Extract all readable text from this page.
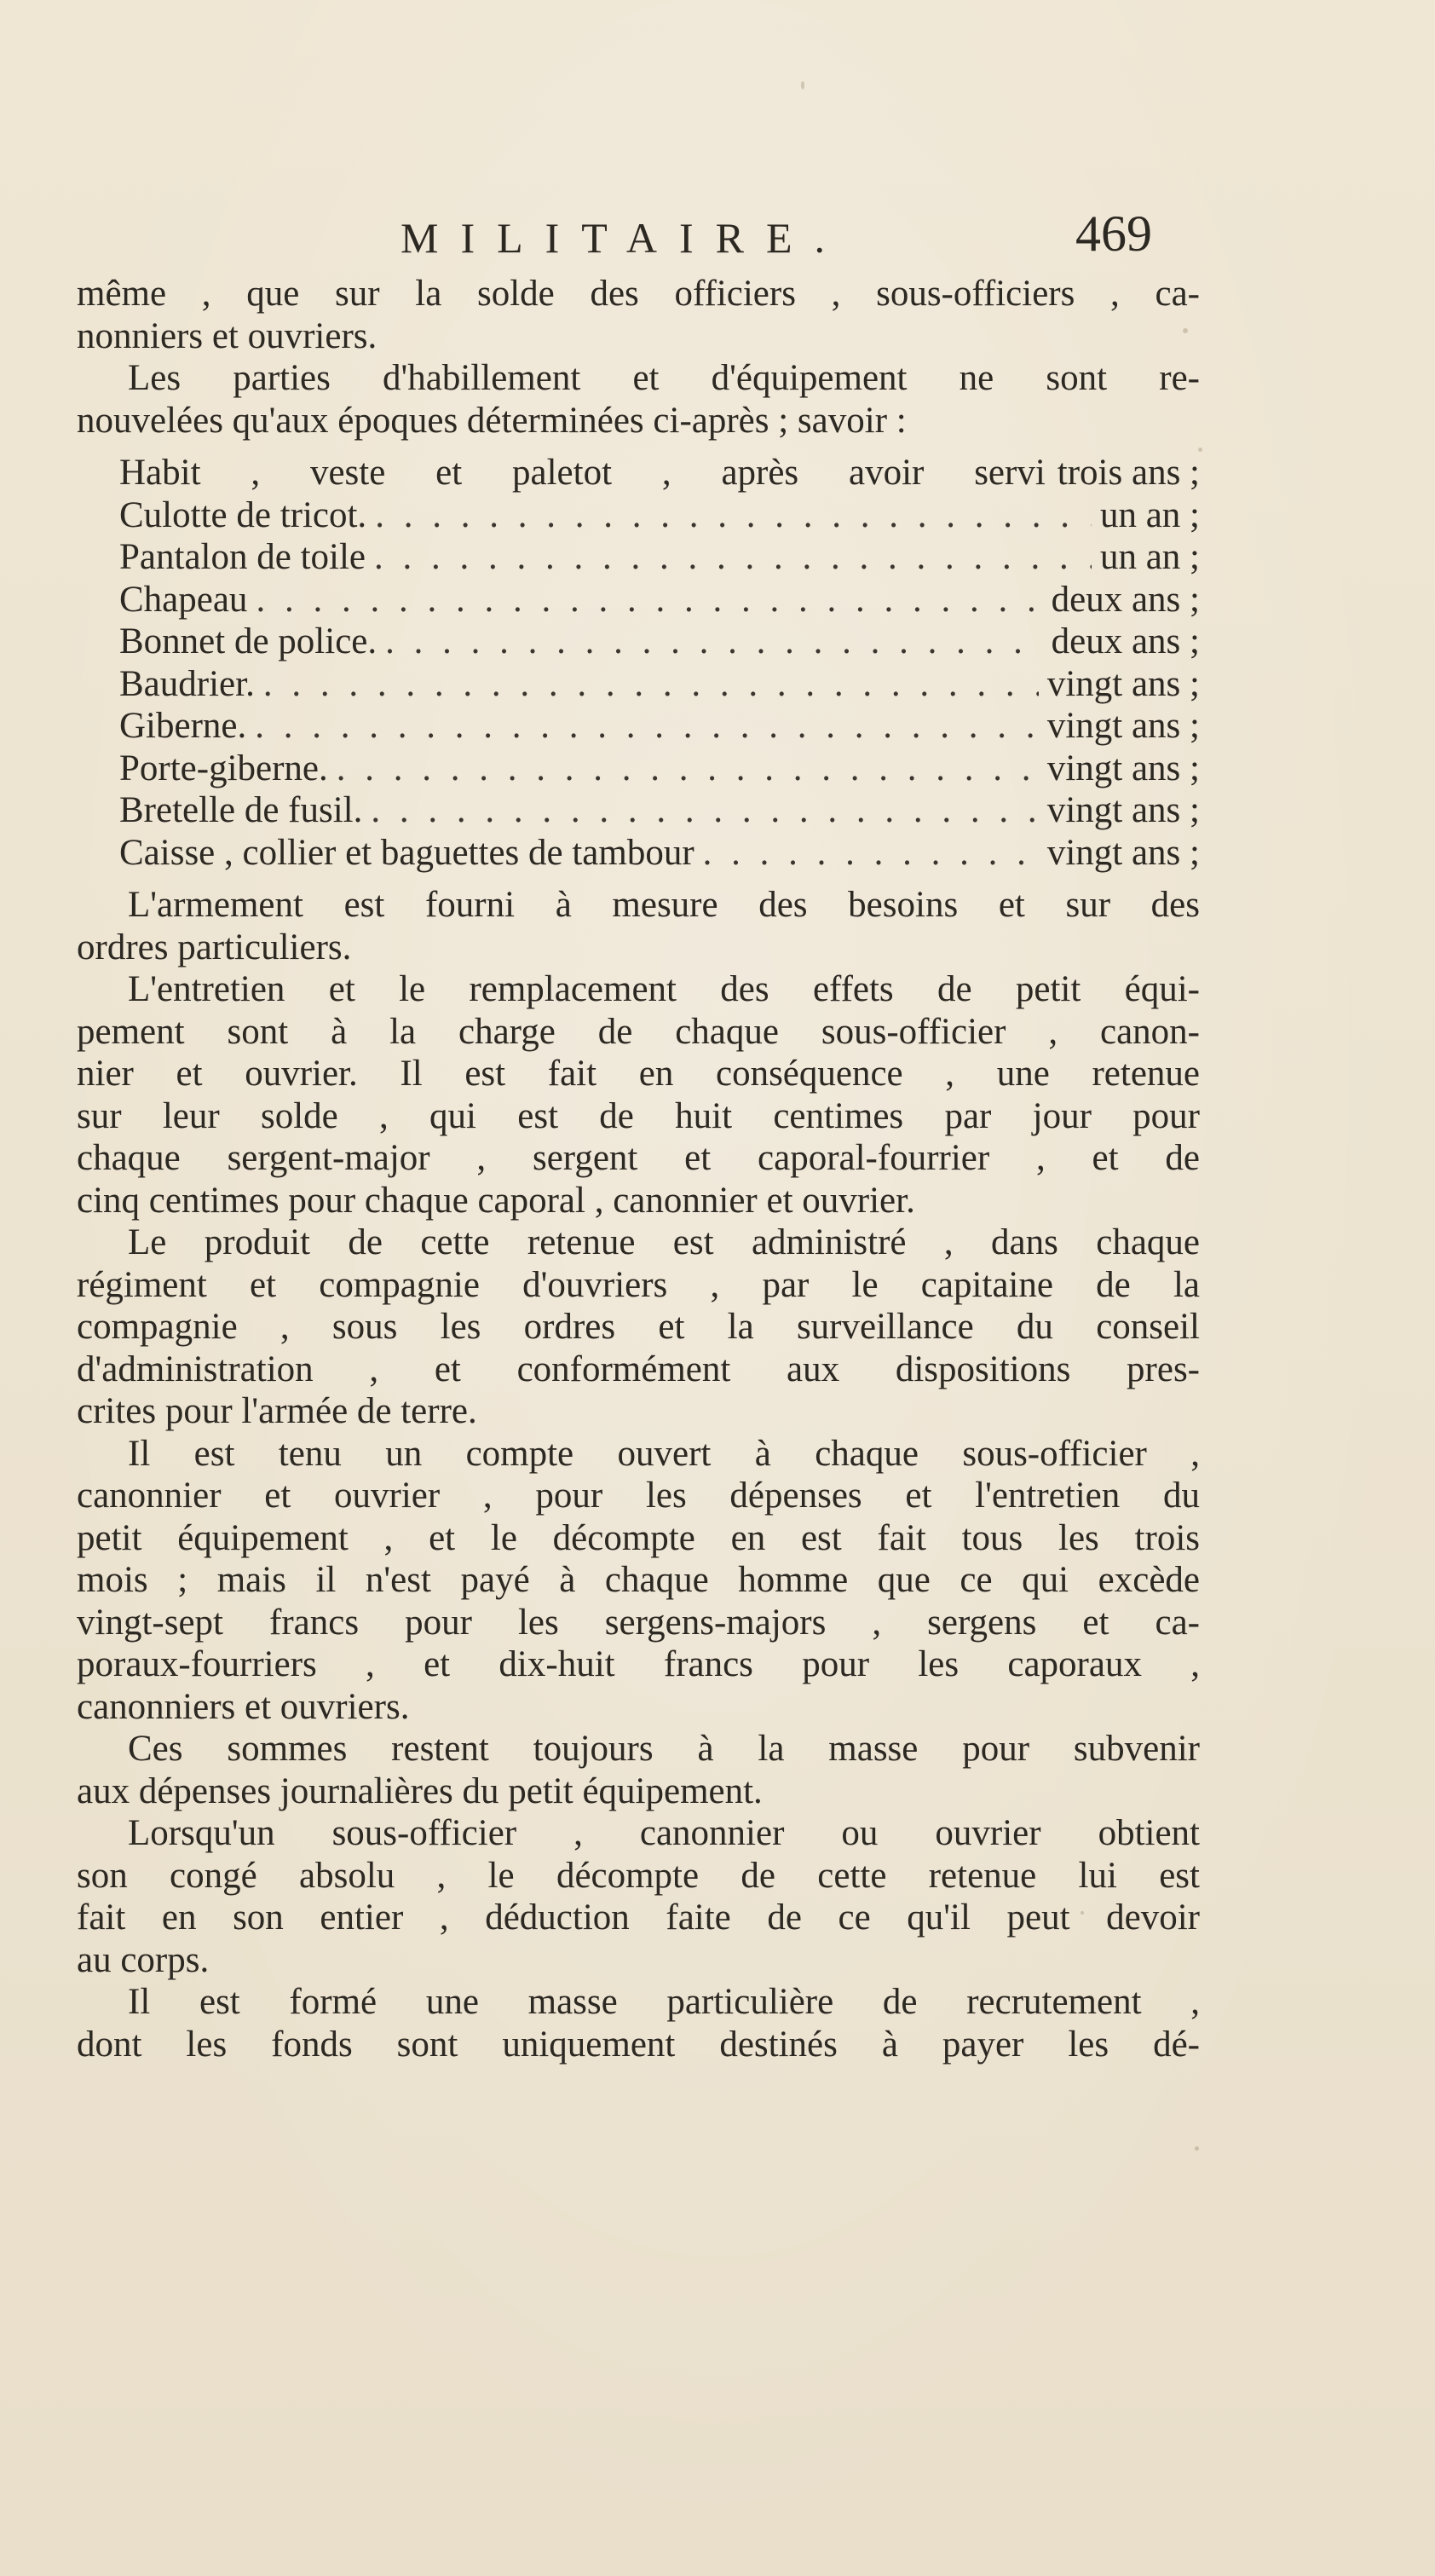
MILITAIRE.	469
même , que sur la solde des officiers , sous-officiers , ca-
nonniers et ouvriers.
Les parties d'habillement et d'équipement ne sont re-
nouvelées qu'aux époques déterminées ci-après ; savoir :
Habit , veste et paletot , après avoir servi trois ans ;
Culotte de tricot. . . .	un an ;
Pantalon de toile . . .	un an ;
Chapeau . . .	deux ans ;
Bonnet de police. . . .	deux ans ;
Baudrier. . . .	vingt ans ;
Giberne. . . .	vingt ans ;
Porte-giberne. . . .	vingt ans ;
Bretelle de fusil. . . .	vingt ans ;
Caisse , collier et baguettes de tambour . . .	vingt ans ;
L'armement est fourni à mesure des besoins et sur des
ordres particuliers.
L'entretien et le remplacement des effets de petit équi-
pement sont à la charge de chaque sous-officier , canon-
nier et ouvrier. Il est fait en conséquence , une retenue
sur leur solde , qui est de huit centimes par jour pour
chaque sergent-major , sergent et caporal-fourrier , et de
cinq centimes pour chaque caporal , canonnier et ouvrier.
Le produit de cette retenue est administré , dans chaque
régiment et compagnie d'ouvriers , par le capitaine de la
compagnie , sous les ordres et la surveillance du conseil
d'administration , et conformément aux dispositions pres-
crites pour l'armée de terre.
Il est tenu un compte ouvert à chaque sous-officier ,
canonnier et ouvrier , pour les dépenses et l'entretien du
petit équipement , et le décompte en est fait tous les trois
mois ; mais il n'est payé à chaque homme que ce qui excède
vingt-sept francs pour les sergens-majors , sergens et ca-
poraux-fourriers , et dix-huit francs pour les caporaux ,
canonniers et ouvriers.
Ces sommes restent toujours à la masse pour subvenir
aux dépenses journalières du petit équipement.
Lorsqu'un sous-officier , canonnier ou ouvrier obtient
son congé absolu , le décompte de cette retenue lui est
fait en son entier , déduction faite de ce qu'il peut devoir
au corps.
Il est formé une masse particulière de recrutement ,
dont les fonds sont uniquement destinés à payer les dé-
